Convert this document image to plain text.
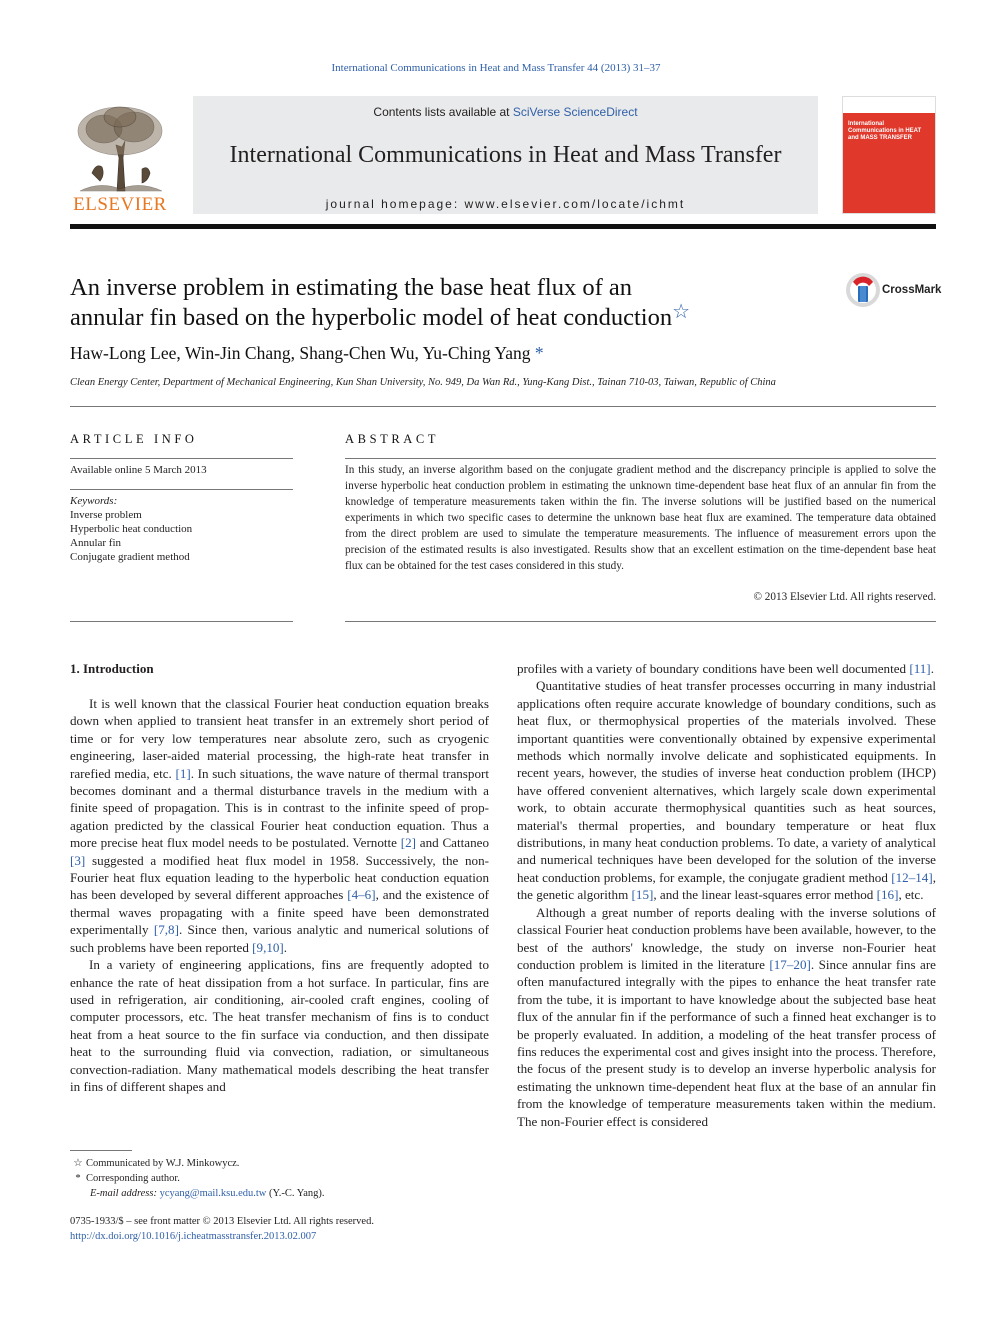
International Communications in Heat and Mass Transfer 44 (2013) 31–37
ELSEVIER
Contents lists available at SciVerse ScienceDirect
International Communications in Heat and Mass Transfer
journal homepage: www.elsevier.com/locate/ichmt
International Communications in HEAT and MASS TRANSFER
An inverse problem in estimating the base heat flux of an
annular fin based on the hyperbolic model of heat conduction☆
CrossMark
Haw-Long Lee, Win-Jin Chang, Shang-Chen Wu, Yu-Ching Yang *
Clean Energy Center, Department of Mechanical Engineering, Kun Shan University, No. 949, Da Wan Rd., Yung-Kang Dist., Tainan 710-03, Taiwan, Republic of China
ARTICLE INFO
Available online 5 March 2013
Keywords:
Inverse problem
Hyperbolic heat conduction
Annular fin
Conjugate gradient method
ABSTRACT
In this study, an inverse algorithm based on the conjugate gradient method and the discrepancy principle is applied to solve the inverse hyperbolic heat conduction problem in estimating the unknown time-dependent base heat flux of an annular fin from the knowledge of temperature measurements taken within the fin. The inverse solutions will be justified based on the numerical experiments in which two specific cases to determine the unknown base heat flux are examined. The temperature data obtained from the direct problem are used to simulate the temperature measurements. The influence of measurement errors upon the precision of the estimated results is also investigated. Results show that an excellent estimation on the time-dependent base heat flux can be obtained for the test cases considered in this study.
© 2013 Elsevier Ltd. All rights reserved.
1. Introduction

It is well known that the classical Fourier heat conduction equation breaks down when applied to transient heat transfer in an extremely short period of time or for very low temperatures near absolute zero, such as cryogenic engineering, laser-aided material processing, the high-rate heat transfer in rarefied media, etc. [1]. In such situations, the wave nature of thermal transport becomes dominant and a thermal disturbance travels in the medium with a finite speed of propagation. This is in contrast to the infinite speed of propagation predicted by the classical Fourier heat conduction equation. Thus a more precise heat flux model needs to be postulated. Vernotte [2] and Cattaneo [3] suggested a modified heat flux model in 1958. Successively, the non-Fourier heat flux equation leading to the hyperbolic heat conduction equation has been developed by several different approaches [4–6], and the existence of thermal waves propagating with a finite speed have been demonstrated experimentally [7,8]. Since then, various analytic and numerical solutions of such problems have been reported [9,10].

In a variety of engineering applications, fins are frequently adopted to enhance the rate of heat dissipation from a hot surface. In particular, fins are used in refrigeration, air conditioning, air-cooled craft engines, cooling of computer processors, etc. The heat transfer mechanism of fins is to conduct heat from a heat source to the fin surface via conduction, and then dissipate heat to the surrounding fluid via convection, radiation, or simultaneous convection-radiation. Many mathematical models describing the heat transfer in fins of different shapes and

profiles with a variety of boundary conditions have been well documented [11].

Quantitative studies of heat transfer processes occurring in many industrial applications often require accurate knowledge of boundary conditions, such as heat flux, or thermophysical properties of the materials involved. These important quantities were conventionally obtained by expensive experimental methods which normally involve delicate and sophisticated equipments. In recent years, however, the studies of inverse heat conduction problem (IHCP) have offered convenient alternatives, which largely scale down experimental work, to obtain accurate thermophysical quantities such as heat sources, material's thermal properties, and boundary temperature or heat flux distributions, in many heat conduction problems. To date, a variety of analytical and numerical techniques have been developed for the solution of the inverse heat conduction problems, for example, the conjugate gradient method [12–14], the genetic algorithm [15], and the linear least-squares error method [16], etc.

Although a great number of reports dealing with the inverse solutions of classical Fourier heat conduction problems have been available, however, to the best of the authors' knowledge, the study on inverse non-Fourier heat conduction problem is limited in the literature [17–20]. Since annular fins are often manufactured integrally with the pipes to enhance the heat transfer rate from the tube, it is important to have knowledge about the subjected base heat flux of the annular fin if the performance of such a finned heat exchanger is to be properly evaluated. In addition, a modeling of the heat transfer process of fins reduces the experimental cost and gives insight into the process. Therefore, the focus of the present study is to develop an inverse hyperbolic analysis for estimating the unknown time-dependent heat flux at the base of an annular fin from the knowledge of temperature measurements taken within the medium. The non-Fourier effect is considered

☆ Communicated by W.J. Minkowycz.
* Corresponding author.
E-mail address: ycyang@mail.ksu.edu.tw (Y.-C. Yang).
0735-1933/$ – see front matter © 2013 Elsevier Ltd. All rights reserved.
http://dx.doi.org/10.1016/j.icheatmasstransfer.2013.02.007
